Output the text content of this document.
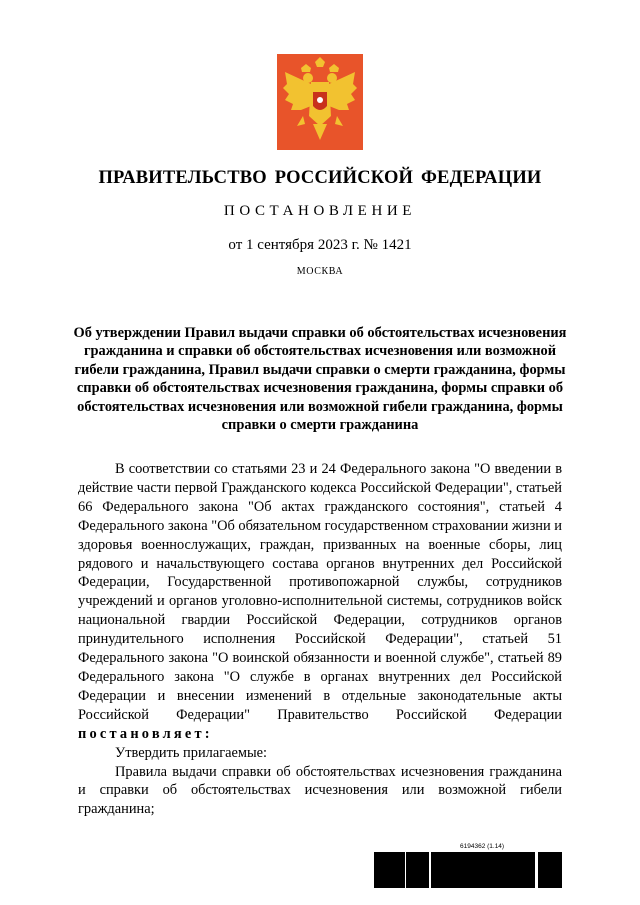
ПРАВИТЕЛЬСТВО РОССИЙСКОЙ ФЕДЕРАЦИИ
ПОСТАНОВЛЕНИЕ
от 1 сентября 2023 г. № 1421
МОСКВА
Об утверждении Правил выдачи справки об обстоятельствах исчезновения гражданина и справки об обстоятельствах исчезновения или возможной гибели гражданина, Правил выдачи справки о смерти гражданина, формы справки об обстоятельствах исчезновения гражданина, формы справки об обстоятельствах исчезновения или возможной гибели гражданина, формы справки о смерти гражданина

В соответствии со статьями 23 и 24 Федерального закона "О введении в действие части первой Гражданского кодекса Российской Федерации", статьей 66 Федерального закона "Об актах гражданского состояния", статьей 4 Федерального закона "Об обязательном государственном страховании жизни и здоровья военнослужащих, граждан, призванных на военные сборы, лиц рядового и начальствующего состава органов внутренних дел Российской Федерации, Государственной противопожарной службы, сотрудников учреждений и органов уголовно-исполнительной системы, сотрудников войск национальной гвардии Российской Федерации, сотрудников органов принудительного исполнения Российской Федерации", статьей 51 Федерального закона "О воинской обязанности и военной службе", статьей 89 Федерального закона "О службе в органах внутренних дел Российской Федерации и внесении изменений в отдельные законодательные акты Российской Федерации" Правительство Российской Федерации постановляет:

Утвердить прилагаемые:

Правила выдачи справки об обстоятельствах исчезновения гражданина и справки об обстоятельствах исчезновения или возможной гибели гражданина;

6194362 (1.14)
